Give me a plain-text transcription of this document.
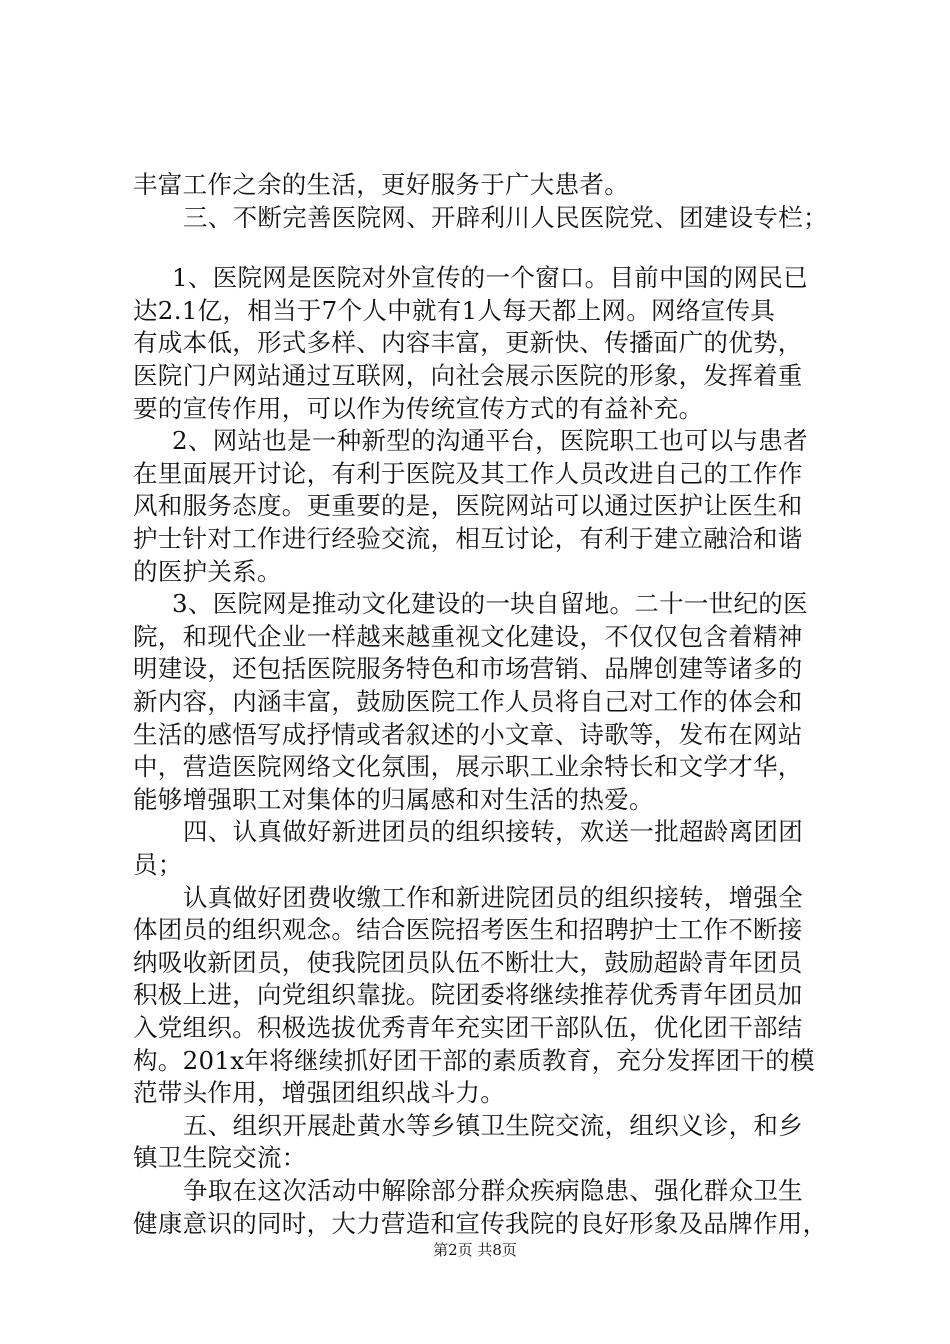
丰富工作之余的生活，更好服务于广大患者。
三、不断完善医院网、开辟利川人民医院党、团建设专栏；
1、医院网是医院对外宣传的一个窗口。目前中国的网民已
达2.1亿，相当于7个人中就有1人每天都上网。网络宣传具
有成本低，形式多样、内容丰富，更新快、传播面广的优势，
医院门户网站通过互联网，向社会展示医院的形象，发挥着重
要的宣传作用，可以作为传统宣传方式的有益补充。
2、网站也是一种新型的沟通平台，医院职工也可以与患者
在里面展开讨论，有利于医院及其工作人员改进自己的工作作
风和服务态度。更重要的是，医院网站可以通过医护让医生和
护士针对工作进行经验交流，相互讨论，有利于建立融洽和谐
的医护关系。
3、医院网是推动文化建设的一块自留地。二十一世纪的医
院，和现代企业一样越来越重视文化建设，不仅仅包含着精神
明建设，还包括医院服务特色和市场营销、品牌创建等诸多的
新内容，内涵丰富，鼓励医院工作人员将自己对工作的体会和
生活的感悟写成抒情或者叙述的小文章、诗歌等，发布在网站
中，营造医院网络文化氛围，展示职工业余特长和文学才华，
能够增强职工对集体的归属感和对生活的热爱。
四、认真做好新进团员的组织接转，欢送一批超龄离团团
员；
认真做好团费收缴工作和新进院团员的组织接转，增强全
体团员的组织观念。结合医院招考医生和招聘护士工作不断接
纳吸收新团员，使我院团员队伍不断壮大，鼓励超龄青年团员
积极上进，向党组织靠拢。院团委将继续推荐优秀青年团员加
入党组织。积极选拔优秀青年充实团干部队伍，优化团干部结
构。201x年将继续抓好团干部的素质教育，充分发挥团干的模
范带头作用，增强团组织战斗力。
五、组织开展赴黄水等乡镇卫生院交流，组织义诊，和乡
镇卫生院交流：
第2页 共8页
争取在这次活动中解除部分群众疾病隐患、强化群众卫生
健康意识的同时，大力营造和宣传我院的良好形象及品牌作用，
